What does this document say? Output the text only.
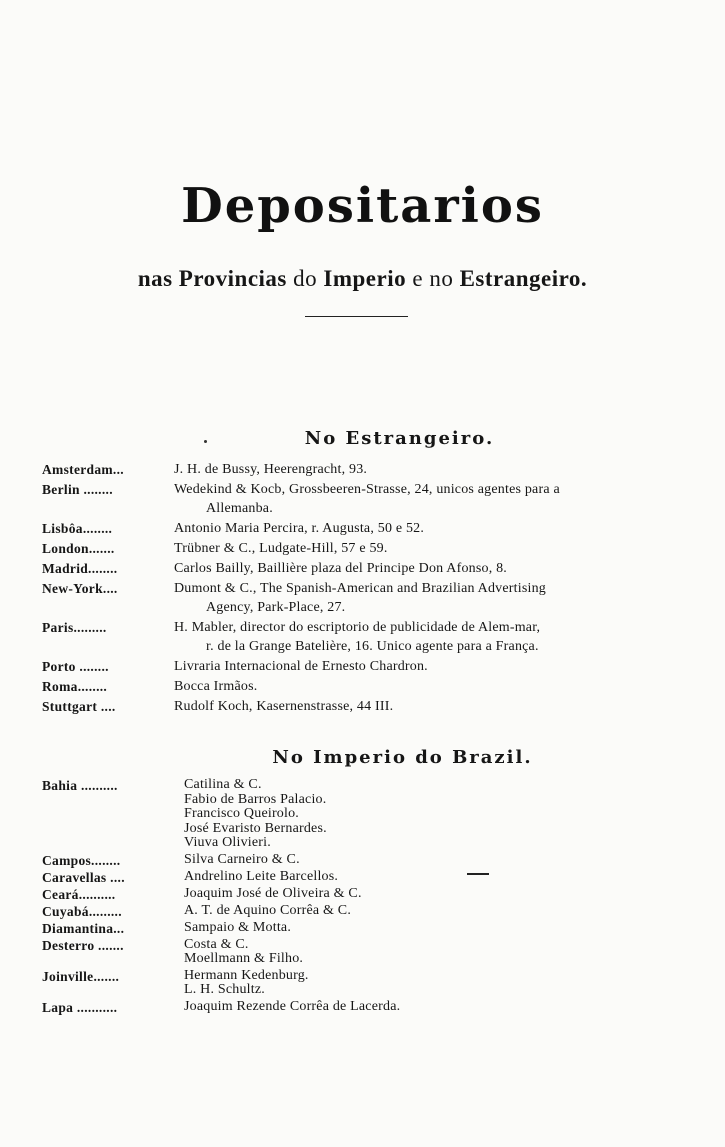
Depositarios
nas Provincias do Imperio e no Estrangeiro.
No Estrangeiro.
Amsterdam...	J. H. de Bussy, Heerengracht, 93.
Berlin ........	Wedekind & Kocb, Grossbeeren-Strasse, 24, unicos agentes para a
Allemanba.
Lisbôa........	Antonio Maria Percira, r. Augusta, 50 e 52.
London.......	Trübner & C., Ludgate-Hill, 57 e 59.
Madrid........	Carlos Bailly, Baillière plaza del Principe Don Afonso, 8.
New-York....	Dumont & C., The Spanish-American and Brazilian Advertising
Agency, Park-Place, 27.
Paris.........	H. Mabler, director do escriptorio de publicidade de Alem-mar,
r. de la Grange Batelière, 16. Unico agente para a França.
Porto ........	Livraria Internacional de Ernesto Chardron.
Roma........	Bocca Irmãos.
Stuttgart ....	Rudolf Koch, Kasernenstrasse, 44 III.
No Imperio do Brazil.
Bahia ..........	Catilina & C.
Fabio de Barros Palacio.
Francisco Queirolo.
José Evaristo Bernardes.
Viuva Olivieri.
Campos........	Silva Carneiro & C.
Caravellas ....	Andrelino Leite Barcellos.
Ceará..........	Joaquim José de Oliveira & C.
Cuyabá.........	A. T. de Aquino Corrêa & C.
Diamantina...	Sampaio & Motta.
Desterro .......	Costa & C.
Moellmann & Filho.
Joinville.......	Hermann Kedenburg.
L. H. Schultz.
Lapa ...........	Joaquim Rezende Corrêa de Lacerda.
